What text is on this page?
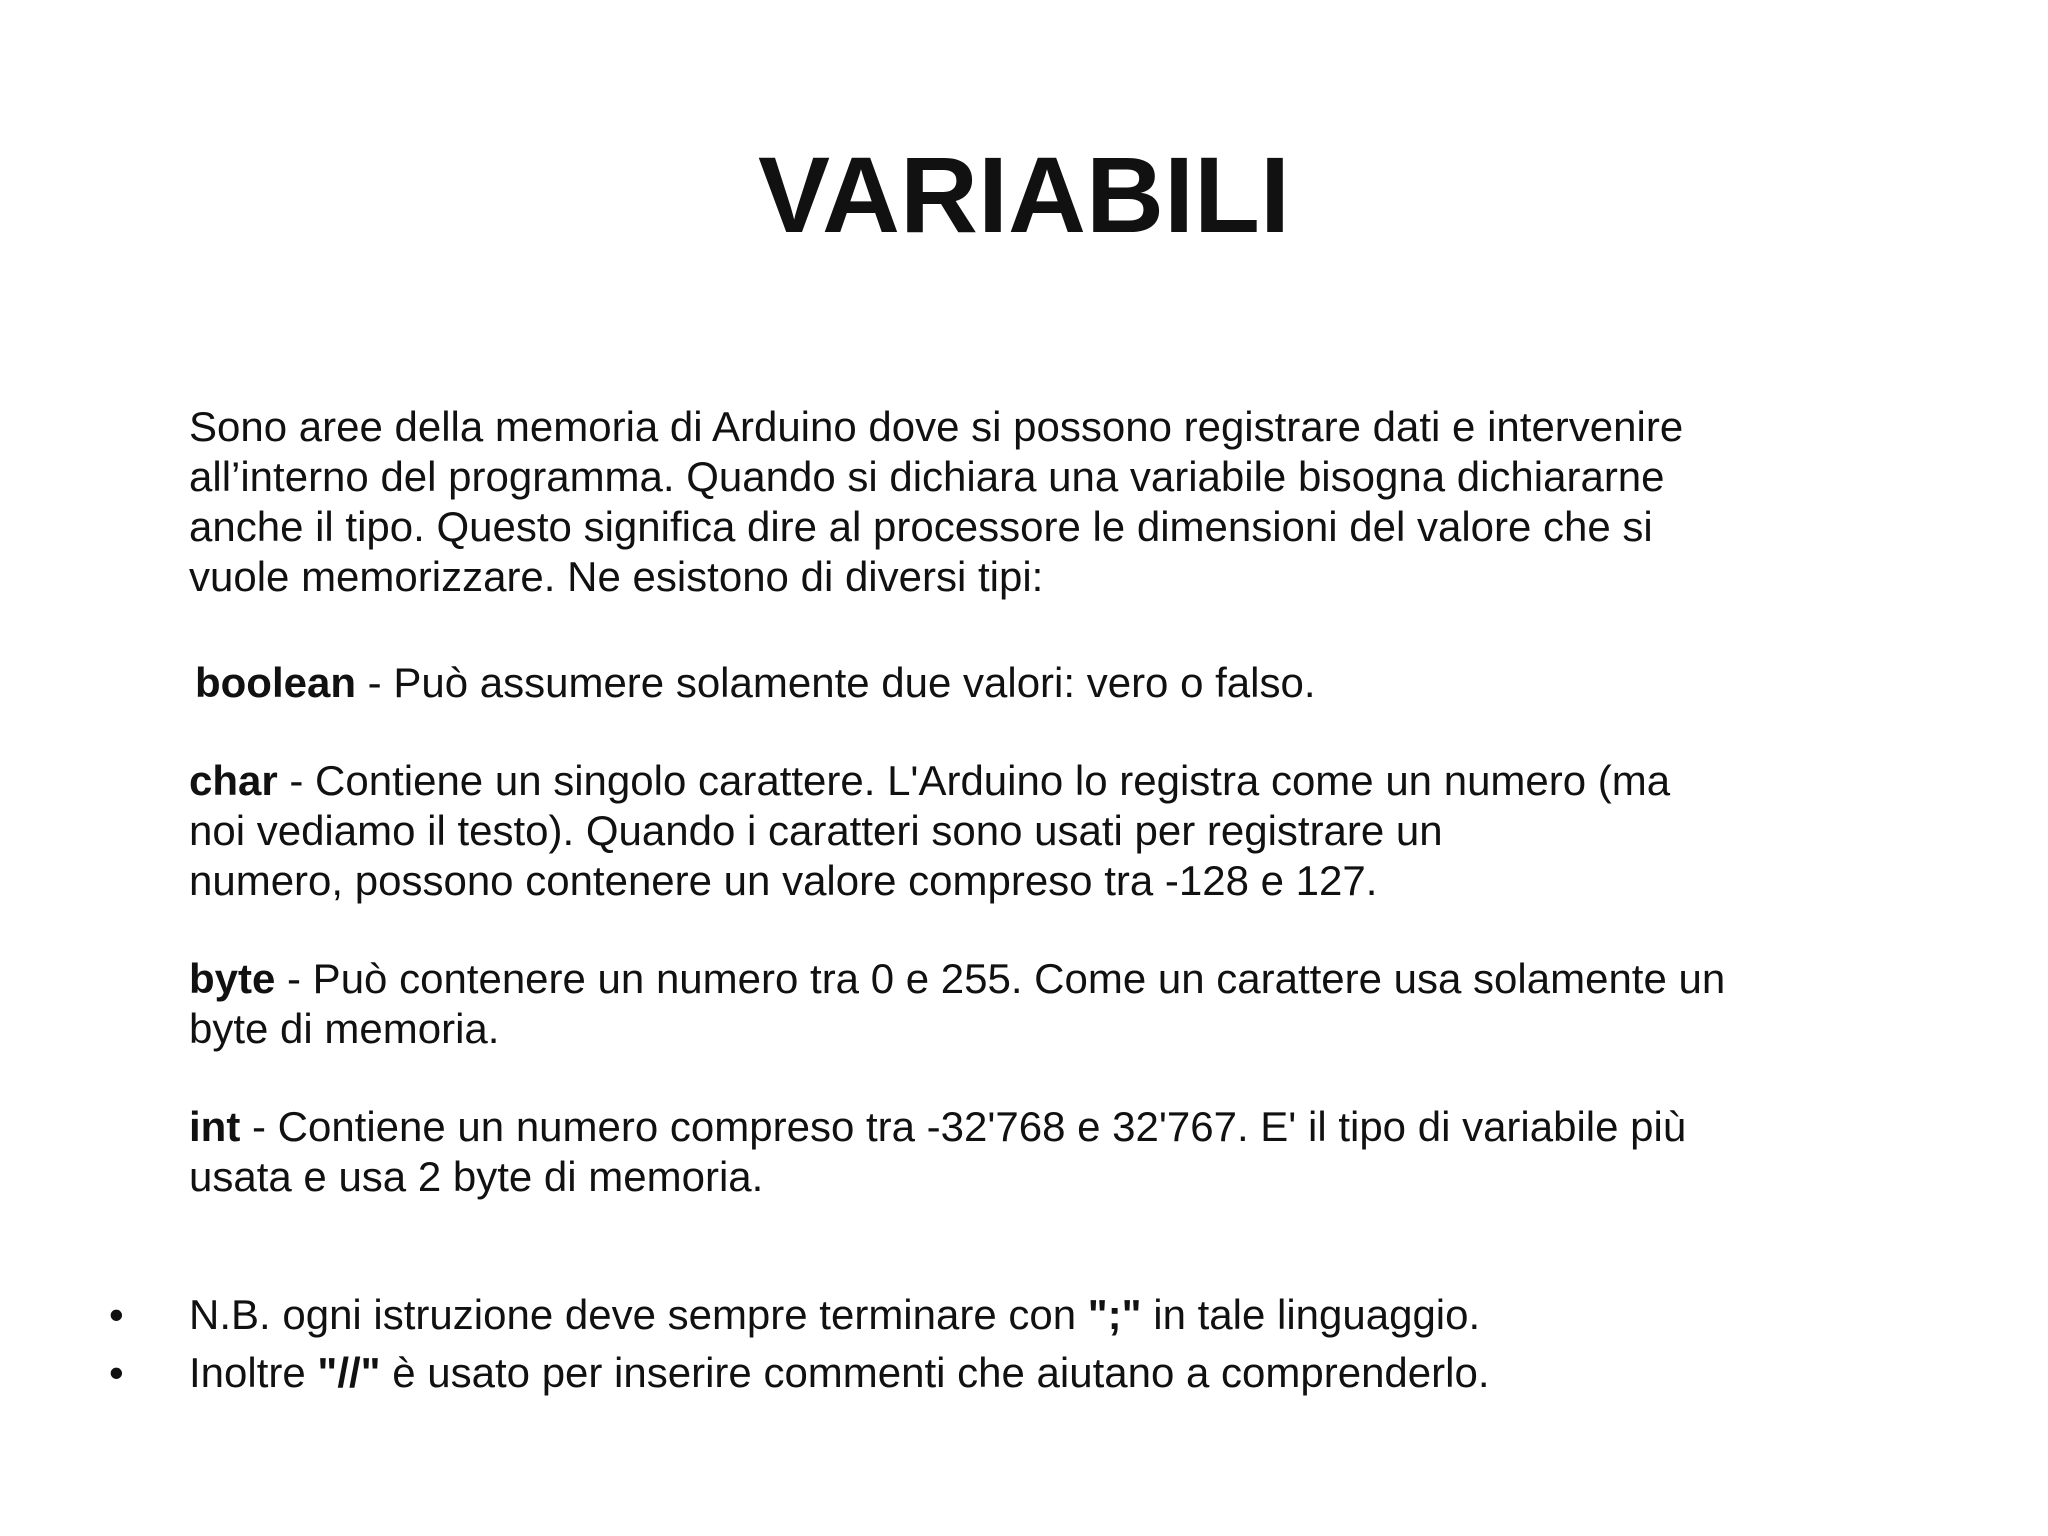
VARIABILI
Sono aree della memoria di Arduino dove si possono registrare dati e intervenire
all’interno del programma. Quando si dichiara una variabile bisogna dichiararne
anche il tipo. Questo significa dire al processore le dimensioni del valore che si
vuole memorizzare. Ne esistono di diversi tipi:
boolean - Può assumere solamente due valori: vero o falso.
char - Contiene un singolo carattere. L'Arduino lo registra come un numero (ma
noi vediamo il testo). Quando i caratteri sono usati per registrare un
numero, possono contenere un valore compreso tra -128 e 127.
byte - Può contenere un numero tra 0 e 255. Come un carattere usa solamente un
byte di memoria.
int - Contiene un numero compreso tra -32'768 e 32'767. E' il tipo di variabile più
usata e usa 2 byte di memoria.
•	N.B. ogni istruzione deve sempre terminare con ";" in tale linguaggio.
•	Inoltre "//" è usato per inserire commenti che aiutano a comprenderlo.
